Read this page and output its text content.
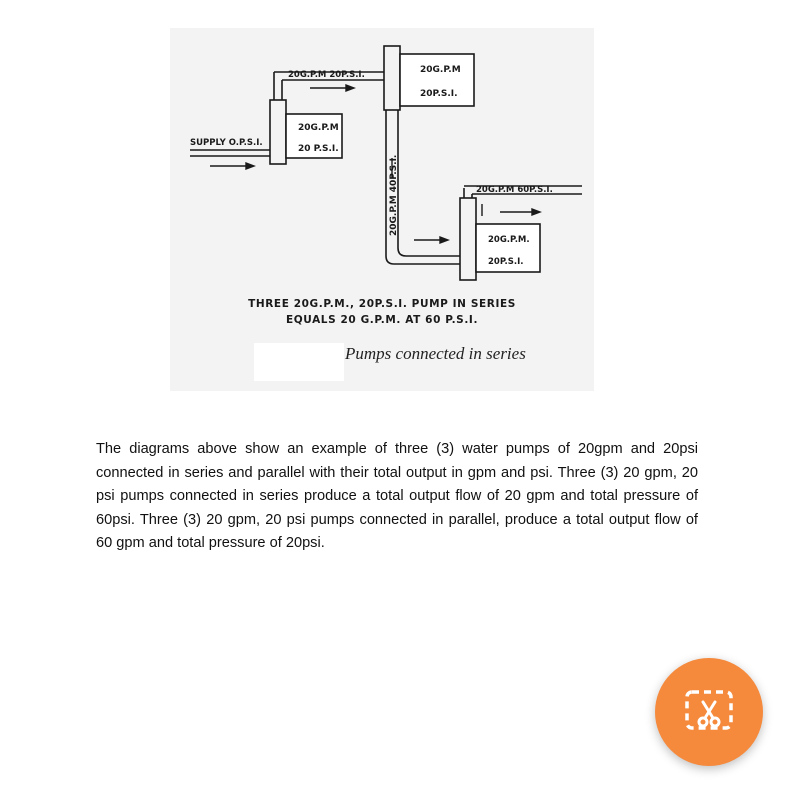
20G.P.M 20P.S.I.	20G.P.M
20P.S.I.
SUPPLY O.P.S.I.
20G.P.M
20 P.S.I.
20G.P.M 40P.S.I.	20G.P.M 60P.S.I.
20G.P.M.
20P.S.I.
THREE 20G.P.M., 20P.S.I. PUMP IN SERIES
EQUALS 20 G.P.M. AT 60 P.S.I.
Pumps connected in series
The diagrams above show an example of three (3) water pumps of 20gpm and 20psi connected in series and parallel with their total output in gpm and psi. Three (3) 20 gpm, 20 psi pumps connected in series produce a total output flow of 20 gpm and total pressure of 60psi. Three (3) 20 gpm, 20 psi pumps connected in parallel, produce a total output flow of 60 gpm and total pressure of 20psi.
